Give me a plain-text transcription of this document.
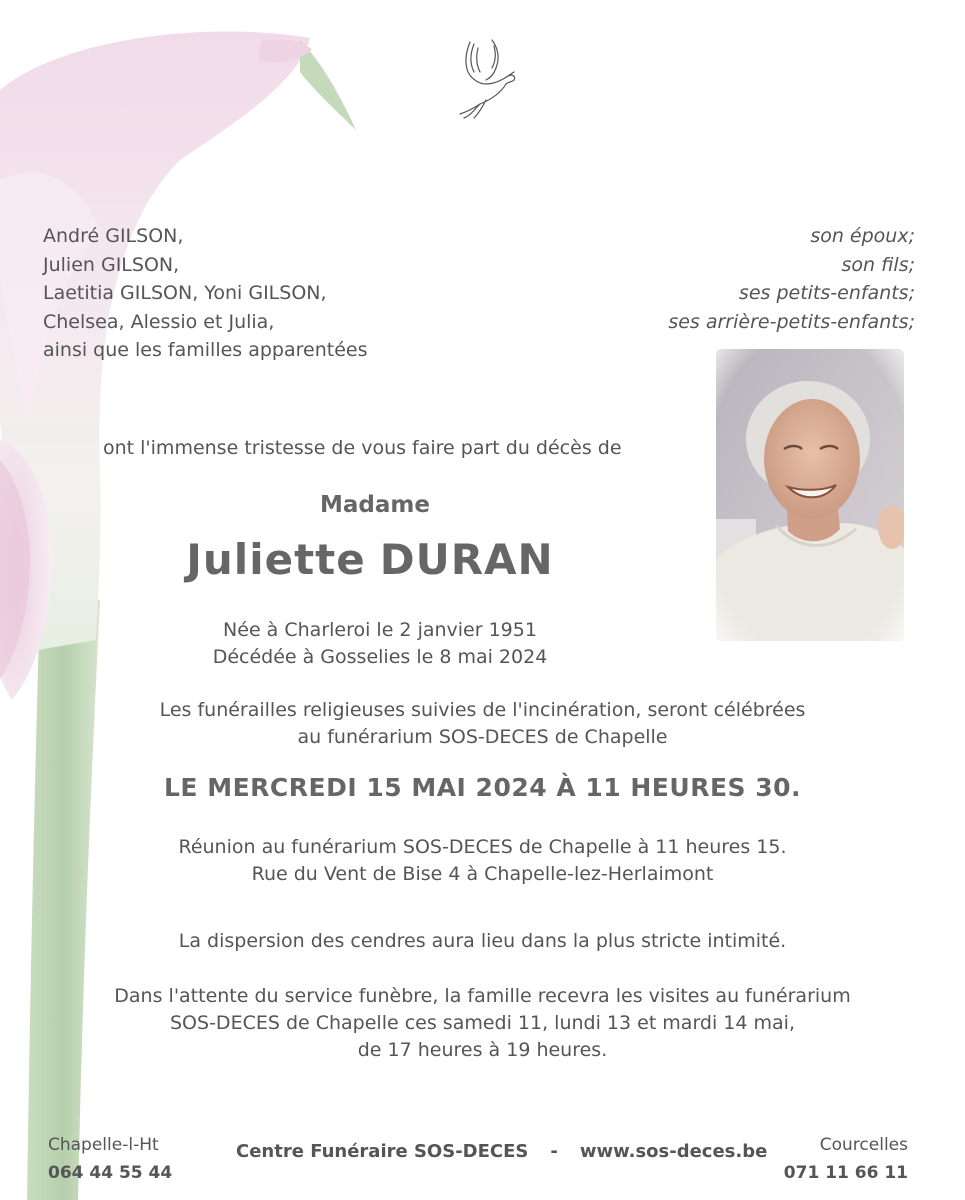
André GILSON,
Julien GILSON,
Laetitia GILSON, Yoni GILSON,
Chelsea, Alessio et Julia,
ainsi que les familles apparentées
son époux;
son fils;
ses petits-enfants;
ses arrière-petits-enfants;
ont l'immense tristesse de vous faire part du décès de
Madame
Juliette DURAN
Née à Charleroi le 2 janvier 1951
Décédée à Gosselies le 8 mai 2024
Les funérailles religieuses suivies de l'incinération, seront célébrées
au funérarium SOS-DECES de Chapelle
LE MERCREDI 15 MAI 2024 À 11 HEURES 30.
Réunion au funérarium SOS-DECES de Chapelle à 11 heures 15.
Rue du Vent de Bise 4 à Chapelle-lez-Herlaimont
La dispersion des cendres aura lieu dans la plus stricte intimité.
Dans l'attente du service funèbre, la famille recevra les visites au funérarium
SOS-DECES de Chapelle ces samedi 11, lundi 13 et mardi 14 mai,
de 17 heures à 19 heures.
Chapelle-l-Ht
064 44 55 44
Centre Funéraire SOS-DECES - www.sos-deces.be	Courcelles
071 11 66 11
